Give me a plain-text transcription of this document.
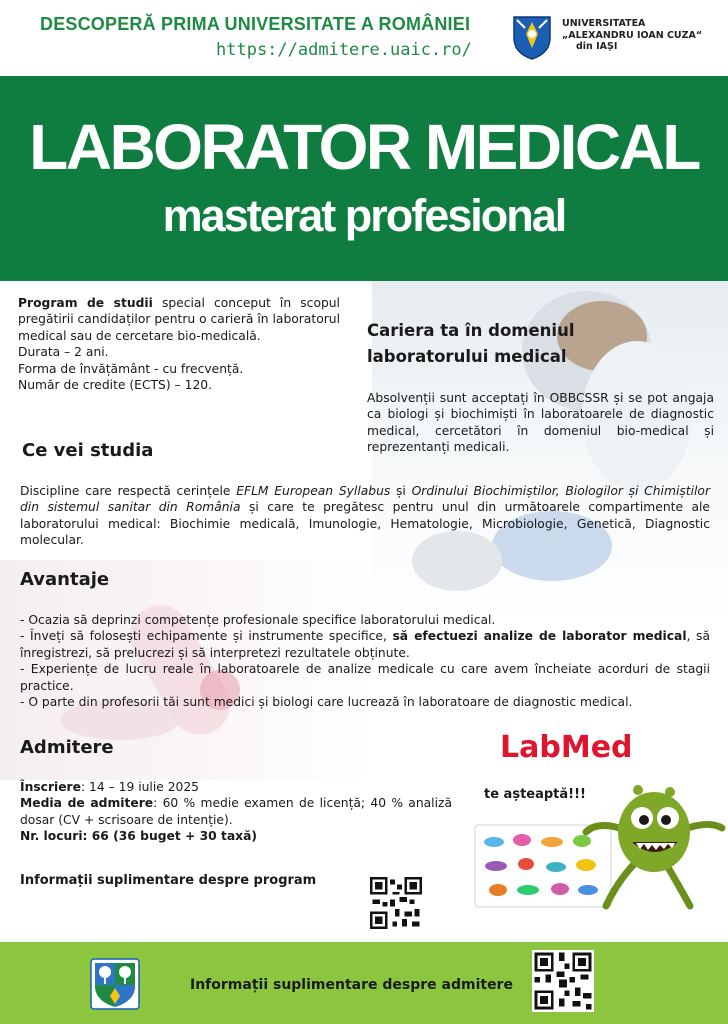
DESCOPERĂ PRIMA UNIVERSITATE A ROMÂNIEI
https://admitere.uaic.ro/
UNIVERSITATEA
„ALEXANDRU IOAN CUZA“
din IAȘI
LABORATOR MEDICAL
masterat profesional
Program de studii special conceput în scopul pregătirii candidaților pentru o carieră în laboratorul medical sau de cercetare bio-medicală.
Durata – 2 ani.
Forma de învățământ - cu frecvență.
Număr de credite (ECTS) – 120.
Cariera ta în domeniul
laboratorului medical
Absolvenții sunt acceptați în OBBCSSR și se pot angaja ca biologi și biochimiști în laboratoarele de diagnostic medical, cercetători în domeniul bio-medical și reprezentanți medicali.
Ce vei studia
Discipline care respectă cerințele EFLM European Syllabus și Ordinului Biochimiștilor, Biologilor și Chimiștilor din sistemul sanitar din România și care te pregătesc pentru unul din următoarele compartimente ale laboratorului medical: Biochimie medicală, Imunologie, Hematologie, Microbiologie, Genetică, Diagnostic molecular.
Avantaje
- Ocazia să deprinzi competențe profesionale specifice laboratorului medical.
- Înveți să folosești echipamente și instrumente specifice, să efectuezi analize de laborator medical, să înregistrezi, să prelucrezi și să interpretezi rezultatele obținute.
- Experiențe de lucru reale în laboratoarele de analize medicale cu care avem încheiate acorduri de stagii practice.
- O parte din profesorii tăi sunt medici și biologi care lucrează în laboratoare de diagnostic medical.
Admitere
Înscriere: 14 – 19 iulie 2025
Media de admitere: 60 % medie examen de licență; 40 % analiză dosar (CV + scrisoare de intenție).
Nr. locuri: 66 (36 buget + 30 taxă)
Informații suplimentare despre program
LabMed
te așteaptă!!!
Informații suplimentare despre admitere
